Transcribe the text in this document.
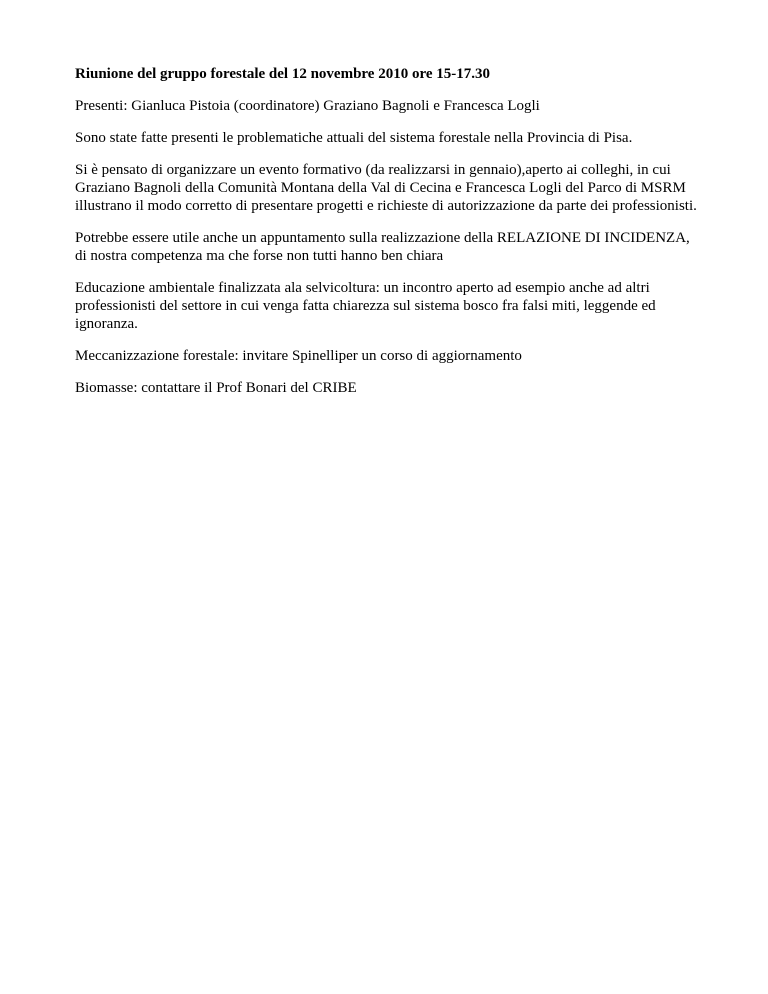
Riunione del gruppo forestale del 12 novembre 2010 ore 15-17.30

Presenti: Gianluca Pistoia (coordinatore) Graziano Bagnoli e Francesca Logli

Sono state fatte presenti le problematiche attuali del sistema forestale nella Provincia di Pisa.

Si è pensato di organizzare un evento formativo (da realizzarsi in gennaio),aperto ai colleghi, in cui Graziano Bagnoli della Comunità Montana della Val di Cecina e Francesca Logli del Parco di MSRM illustrano il modo corretto di presentare progetti e richieste di autorizzazione da parte dei professionisti.

Potrebbe essere utile anche un appuntamento sulla realizzazione della RELAZIONE DI INCIDENZA, di nostra competenza ma che forse non tutti hanno ben chiara

Educazione ambientale finalizzata ala selvicoltura: un incontro aperto ad esempio anche ad altri professionisti del settore in cui venga fatta chiarezza sul sistema bosco fra falsi miti, leggende ed ignoranza.

Meccanizzazione forestale: invitare Spinelliper un corso di aggiornamento

Biomasse: contattare il Prof Bonari del CRIBE
